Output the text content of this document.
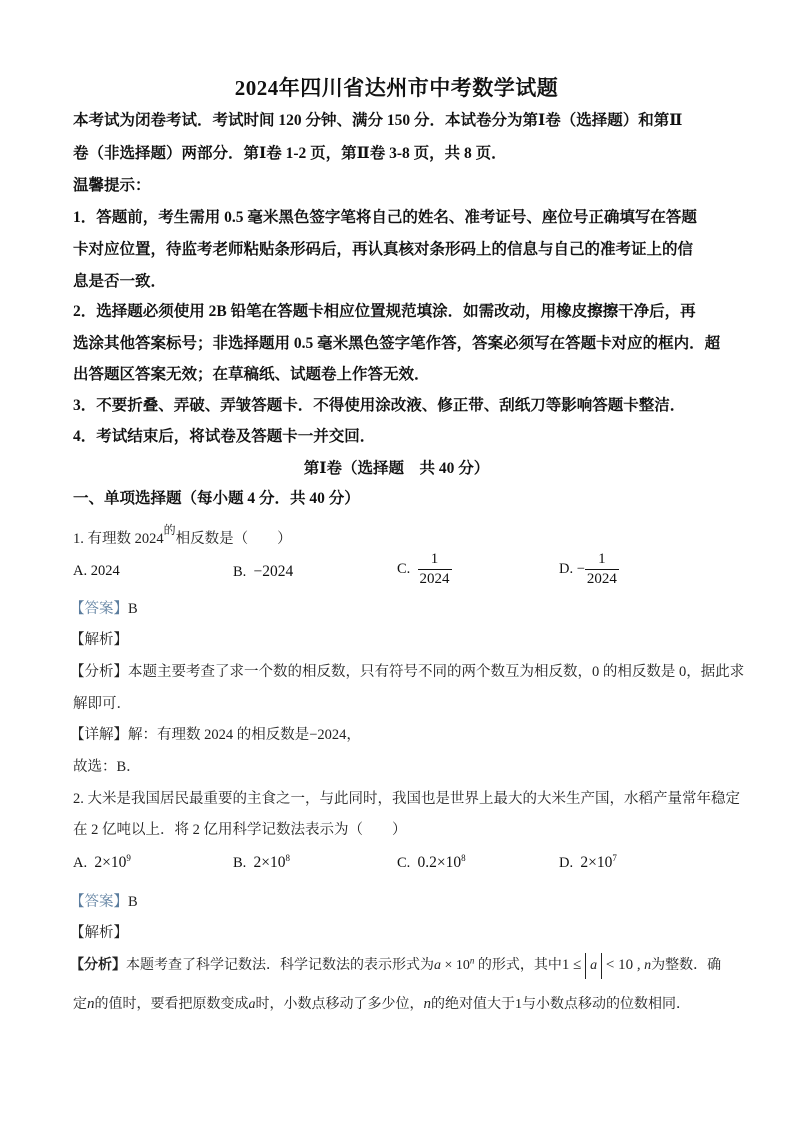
2024年四川省达州市中考数学试题
本考试为闭卷考试．考试时间 120 分钟、满分 150 分．本试卷分为第Ⅰ卷（选择题）和第Ⅱ
卷（非选择题）两部分．第Ⅰ卷 1-2 页，第Ⅱ卷 3-8 页，共 8 页．
温馨提示：
1．答题前，考生需用 0.5 毫米黑色签字笔将自己的姓名、准考证号、座位号正确填写在答题
卡对应位置，待监考老师粘贴条形码后，再认真核对条形码上的信息与自己的准考证上的信
息是否一致．
2．选择题必须使用 2B 铅笔在答题卡相应位置规范填涂．如需改动，用橡皮擦擦干净后，再
选涂其他答案标号；非选择题用 0.5 毫米黑色签字笔作答，答案必须写在答题卡对应的框内．超
出答题区答案无效；在草稿纸、试题卷上作答无效．
3．不要折叠、弄破、弄皱答题卡．不得使用涂改液、修正带、刮纸刀等影响答题卡整洁．
4．考试结束后，将试卷及答题卡一并交回．
第Ⅰ卷（选择题　共 40 分）
一、单项选择题（每小题 4 分．共 40 分）
1. 有理数 $2024^的$相反数是（　　）
A. 2024	B. −2024	C. $\frac{1}{2024}$	D. − $\frac{1}{2024}$
【答案】B
【解析】
【分析】本题主要考查了求一个数的相反数，只有符号不同的两个数互为相反数，0 的相反数是 0，据此求
解即可．
【详解】解：有理数 2024 的相反数是−2024，
故选：B．
2. 大米是我国居民最重要的主食之一，与此同时，我国也是世界上最大的大米生产国，水稻产量常年稳定
在 2 亿吨以上．将 2 亿用科学记数法表示为（　　）
A. $2\times 10^9$	B. $2\times 10^8$	C. $0.2\times 10^8$	D. $2\times 10^7$
【答案】B
【解析】
【分析】本题考查了科学记数法．科学记数法的表示形式为$a \times 10^n$ 的形式，其中1 ≤ a < 10 , n为整数．确
定n的值时，要看把原数变成a时，小数点移动了多少位，n的绝对值大于1与小数点移动的位数相同．
